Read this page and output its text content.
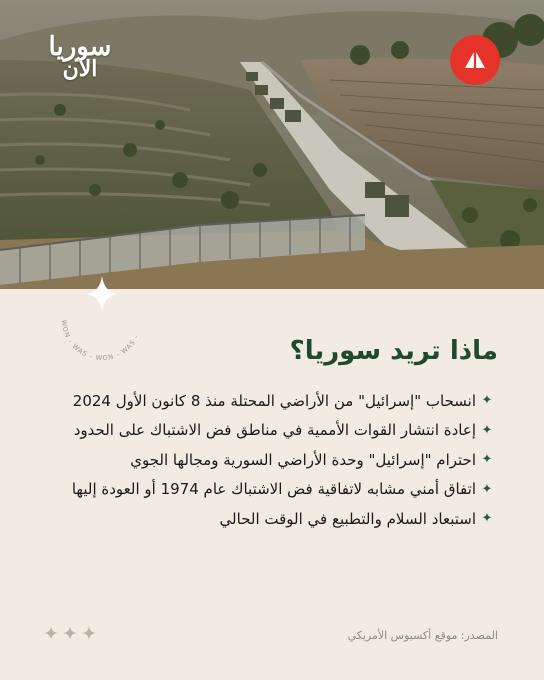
سوريا
الآن
WON - WAS - WON - WAS -	ماذا تريد سوريا؟
✦
انسحاب "إسرائيل" من الأراضي المحتلة منذ 8 كانون الأول 2024
✦
إعادة انتشار القوات الأممية في مناطق فض الاشتباك على الحدود
✦
احترام "إسرائيل" وحدة الأراضي السورية ومجالها الجوي
✦
اتفاق أمني مشابه لاتفاقية فض الاشتباك عام 1974 أو العودة إليها
✦
استبعاد السلام والتطبيع في الوقت الحالي
المصدر: موقع أكسيوس الأمريكي
